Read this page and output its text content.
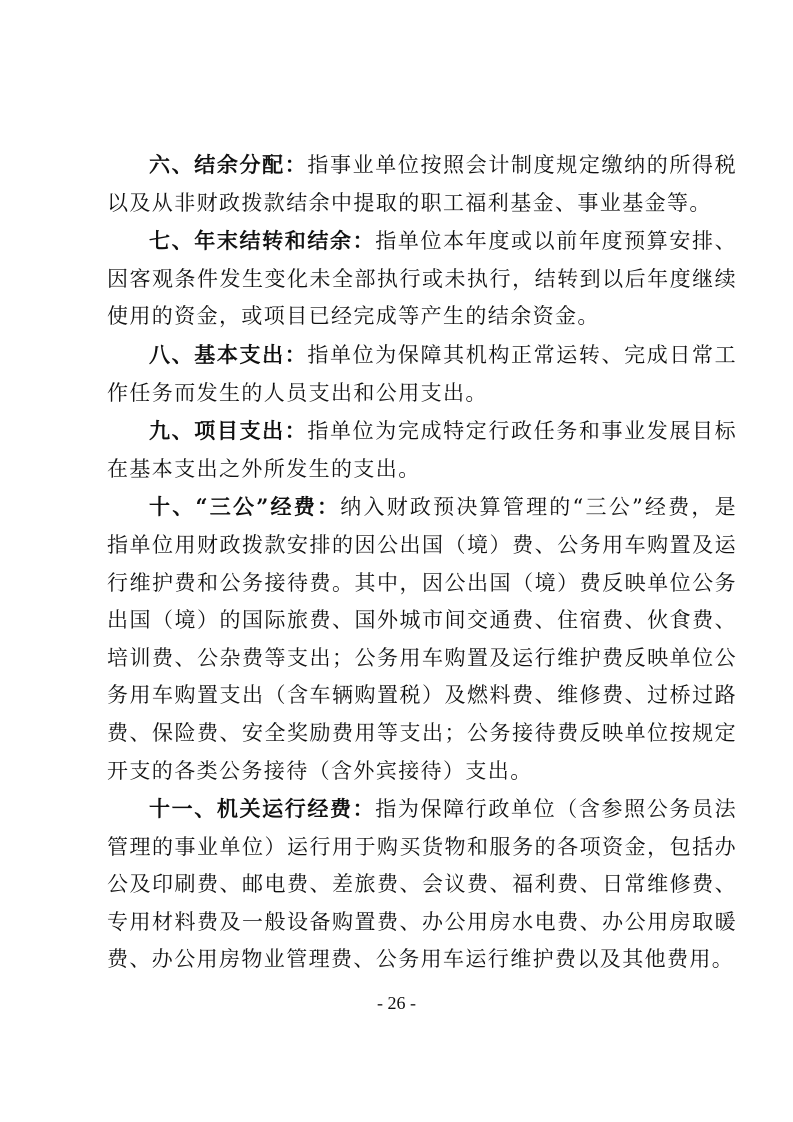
六、结余分配：指事业单位按照会计制度规定缴纳的所得税以及从非财政拨款结余中提取的职工福利基金、事业基金等。

七、年末结转和结余：指单位本年度或以前年度预算安排、因客观条件发生变化未全部执行或未执行，结转到以后年度继续使用的资金，或项目已经完成等产生的结余资金。

八、基本支出：指单位为保障其机构正常运转、完成日常工作任务而发生的人员支出和公用支出。

九、项目支出：指单位为完成特定行政任务和事业发展目标在基本支出之外所发生的支出。

十、“三公”经费：纳入财政预决算管理的“三公”经费，是指单位用财政拨款安排的因公出国（境）费、公务用车购置及运行维护费和公务接待费。其中，因公出国（境）费反映单位公务出国（境）的国际旅费、国外城市间交通费、住宿费、伙食费、培训费、公杂费等支出；公务用车购置及运行维护费反映单位公务用车购置支出（含车辆购置税）及燃料费、维修费、过桥过路费、保险费、安全奖励费用等支出；公务接待费反映单位按规定开支的各类公务接待（含外宾接待）支出。

十一、机关运行经费：指为保障行政单位（含参照公务员法管理的事业单位）运行用于购买货物和服务的各项资金，包括办公及印刷费、邮电费、差旅费、会议费、福利费、日常维修费、专用材料费及一般设备购置费、办公用房水电费、办公用房取暖费、办公用房物业管理费、公务用车运行维护费以及其他费用。

- 26 -
